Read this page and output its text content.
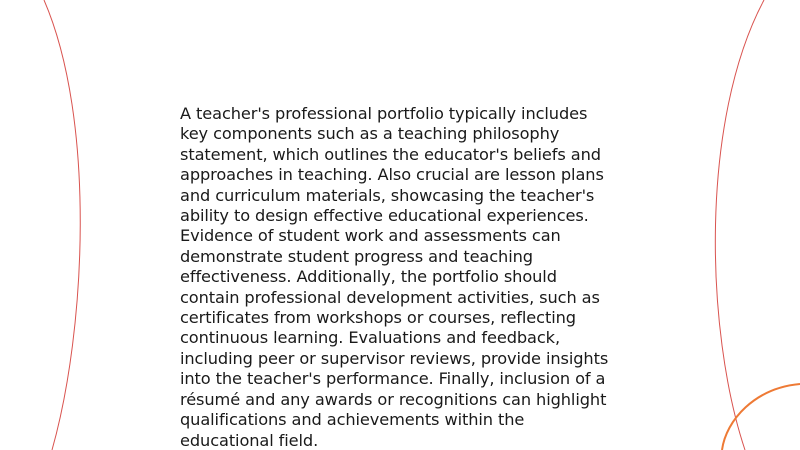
A teacher's professional portfolio typically includes key components such as a teaching philosophy statement, which outlines the educator's beliefs and approaches in teaching. Also crucial are lesson plans and curriculum materials, showcasing the teacher's ability to design effective educational experiences. Evidence of student work and assessments can demonstrate student progress and teaching effectiveness. Additionally, the portfolio should contain professional development activities, such as certificates from workshops or courses, reflecting continuous learning. Evaluations and feedback, including peer or supervisor reviews, provide insights into the teacher's performance. Finally, inclusion of a résumé and any awards or recognitions can highlight qualifications and achievements within the educational field.
